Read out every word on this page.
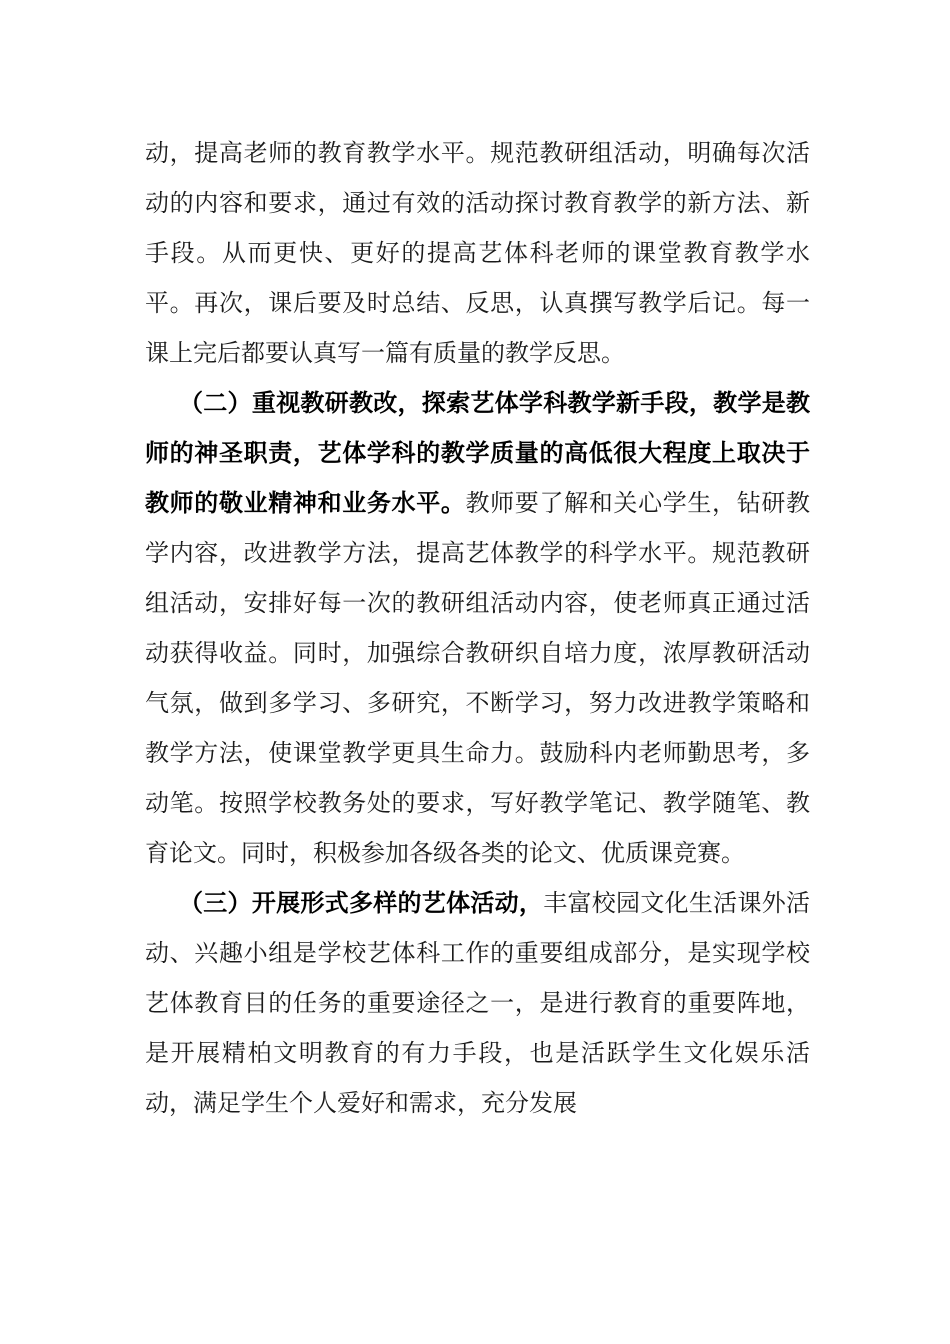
动，提高老师的教育教学水平。规范教研组活动，明确每次活动的内容和要求，通过有效的活动探讨教育教学的新方法、新手段。从而更快、更好的提高艺体科老师的课堂教育教学水平。再次，课后要及时总结、反思，认真撰写教学后记。每一课上完后都要认真写一篇有质量的教学反思。

（二）重视教研教改，探索艺体学科教学新手段，教学是教师的神圣职责，艺体学科的教学质量的高低很大程度上取决于教师的敬业精神和业务水平。教师要了解和关心学生，钻研教学内容，改进教学方法，提高艺体教学的科学水平。规范教研组活动，安排好每一次的教研组活动内容，使老师真正通过活动获得收益。同时，加强综合教研织自培力度，浓厚教研活动气氛，做到多学习、多研究，不断学习，努力改进教学策略和教学方法，使课堂教学更具生命力。鼓励科内老师勤思考，多动笔。按照学校教务处的要求，写好教学笔记、教学随笔、教育论文。同时，积极参加各级各类的论文、优质课竞赛。

（三）开展形式多样的艺体活动，丰富校园文化生活课外活动、兴趣小组是学校艺体科工作的重要组成部分，是实现学校艺体教育目的任务的重要途径之一，是进行教育的重要阵地，是开展精柏文明教育的有力手段，也是活跃学生文化娱乐活动，满足学生个人爱好和需求，充分发展
